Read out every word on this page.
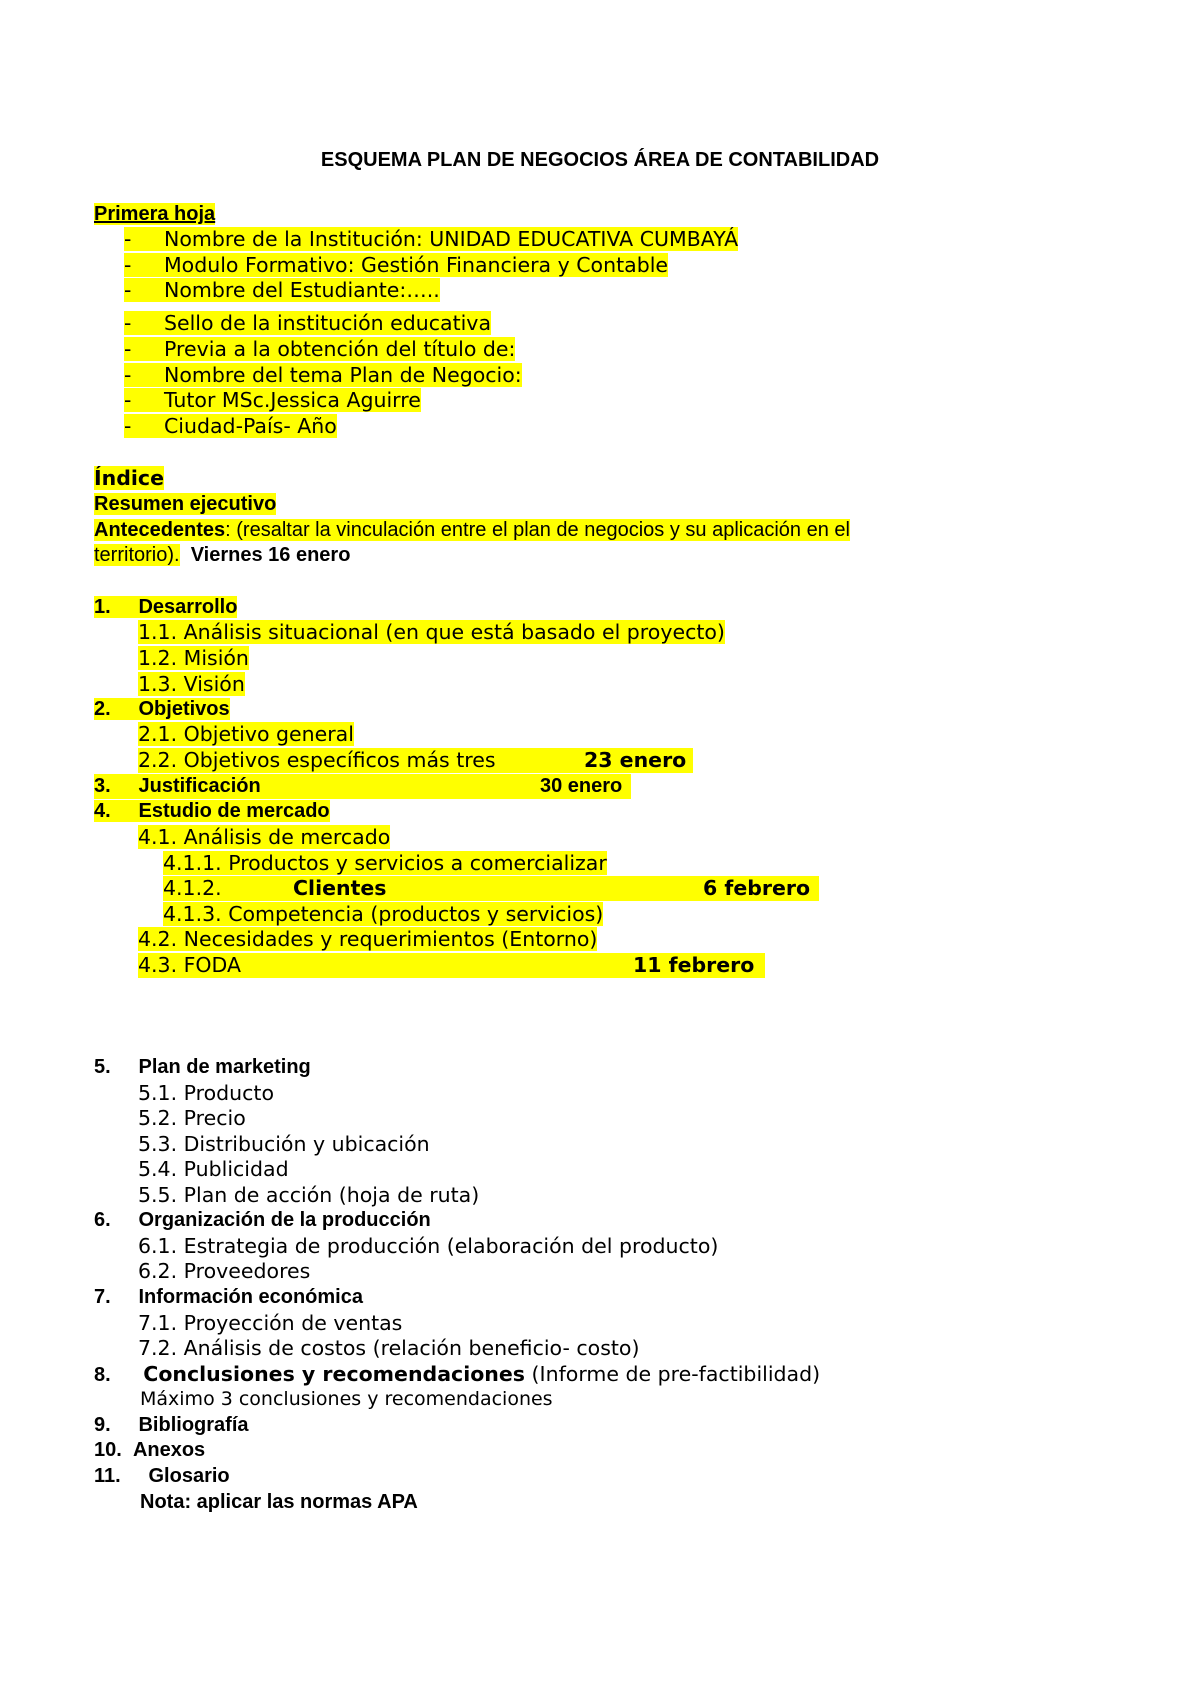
ESQUEMA PLAN DE NEGOCIOS ÁREA DE CONTABILIDAD
Primera hoja
-     Nombre de la Institución: UNIDAD EDUCATIVA CUMBAYÁ
-     Modulo Formativo: Gestión Financiera y Contable
-     Nombre del Estudiante:…..
-     Sello de la institución educativa
-     Previa a la obtención del título de:
-     Nombre del tema Plan de Negocio:
-     Tutor MSc.Jessica Aguirre
-     Ciudad-País- Año
Índice
Resumen ejecutivo
Antecedentes: (resaltar la vinculación entre el plan de negocios y su aplicación en el
territorio). Viernes 16 enero
1. Desarrollo
1.1. Análisis situacional (en que está basado el proyecto)
1.2. Misión
1.3. Visión
2. Objetivos
2.1. Objetivo general
2.2. Objetivos específicos más tres	23 enero
3. Justificación	30 enero
4. Estudio de mercado
4.1. Análisis de mercado
4.1.1. Productos y servicios a comercializar
4.1.2.	Clientes	6 febrero
4.1.3. Competencia (productos y servicios)
4.2. Necesidades y requerimientos (Entorno)
4.3. FODA	11 febrero
5. Plan de marketing
5.1. Producto
5.2. Precio
5.3. Distribución y ubicación
5.4. Publicidad
5.5. Plan de acción (hoja de ruta)
6. Organización de la producción
6.1. Estrategia de producción (elaboración del producto)
6.2. Proveedores
7. Información económica
7.1. Proyección de ventas
7.2. Análisis de costos (relación beneficio- costo)
8. Conclusiones y recomendaciones (Informe de pre-factibilidad)
Máximo 3 conclusiones y recomendaciones
9. Bibliografía
10. Anexos
11. Glosario
Nota: aplicar las normas APA
